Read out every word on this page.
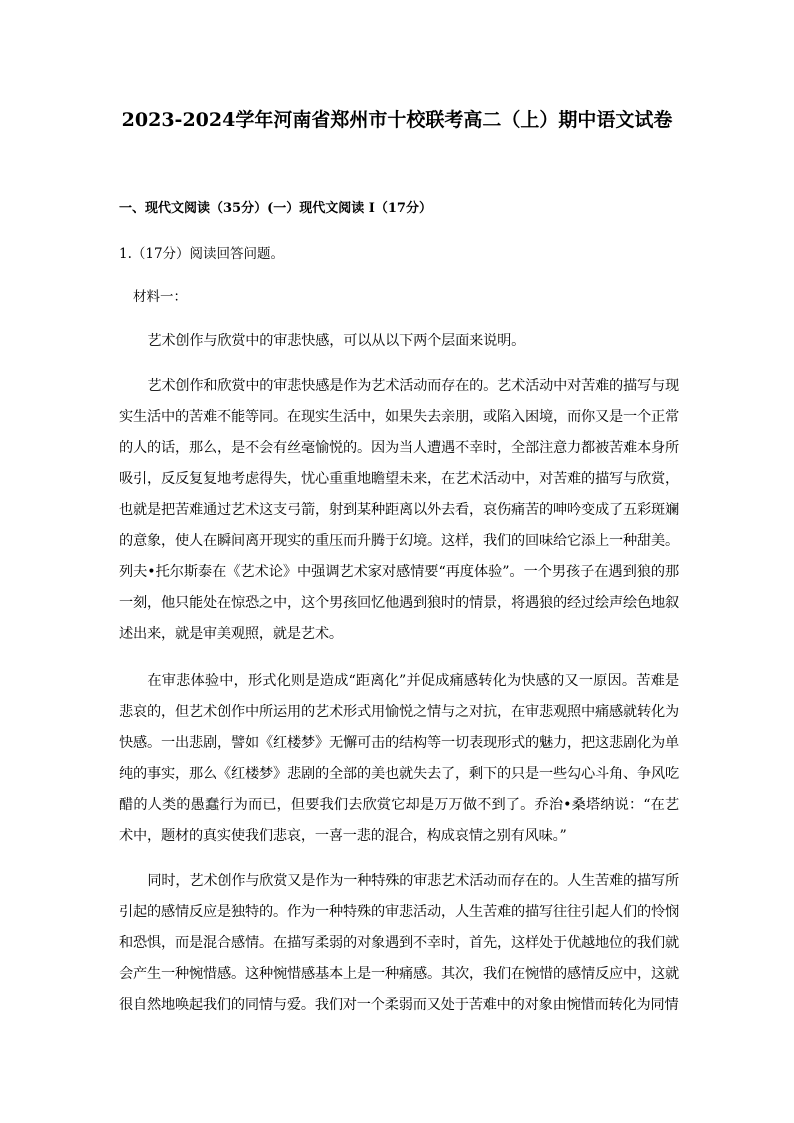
2023-2024学年河南省郑州市十校联考高二（上）期中语文试卷
一、现代文阅读（35分）(一）现代文阅读 I（17分）
1.（17分）阅读回答问题。
材料一：
艺术创作与欣赏中的审悲快感，可以从以下两个层面来说明。
艺术创作和欣赏中的审悲快感是作为艺术活动而存在的。艺术活动中对苦难的描写与现实生活中的苦难不能等同。在现实生活中，如果失去亲朋，或陷入困境，而你又是一个正常的人的话，那么，是不会有丝毫愉悦的。因为当人遭遇不幸时，全部注意力都被苦难本身所吸引，反反复复地考虑得失，忧心重重地瞻望未来，在艺术活动中，对苦难的描写与欣赏，也就是把苦难通过艺术这支弓箭，射到某种距离以外去看，哀伤痛苦的呻吟变成了五彩斑斓的意象，使人在瞬间离开现实的重压而升腾于幻境。这样，我们的回味给它添上一种甜美。列夫•托尔斯泰在《艺术论》中强调艺术家对感情要“再度体验”。一个男孩子在遇到狼的那一刻，他只能处在惊恐之中，这个男孩回忆他遇到狼时的情景，将遇狼的经过绘声绘色地叙述出来，就是审美观照，就是艺术。
在审悲体验中，形式化则是造成“距离化”并促成痛感转化为快感的又一原因。苦难是悲哀的，但艺术创作中所运用的艺术形式用愉悦之情与之对抗，在审悲观照中痛感就转化为快感。一出悲剧，譬如《红楼梦》无懈可击的结构等一切表现形式的魅力，把这悲剧化为单纯的事实，那么《红楼梦》悲剧的全部的美也就失去了，剩下的只是一些勾心斗角、争风吃醋的人类的愚蠢行为而已，但要我们去欣赏它却是万万做不到了。乔治•桑塔纳说：“在艺术中，题材的真实使我们悲哀，一喜一悲的混合，构成哀情之别有风味。”
同时，艺术创作与欣赏又是作为一种特殊的审悲艺术活动而存在的。人生苦难的描写所引起的感情反应是独特的。作为一种特殊的审悲活动，人生苦难的描写往往引起人们的怜悯和恐惧，而是混合感情。在描写柔弱的对象遇到不幸时，首先，这样处于优越地位的我们就会产生一种惋惜感。这种惋惜感基本上是一种痛感。其次，我们在惋惜的感情反应中，这就很自然地唤起我们的同情与爱。我们对一个柔弱而又处于苦难中的对象由惋惜而转化为同情
